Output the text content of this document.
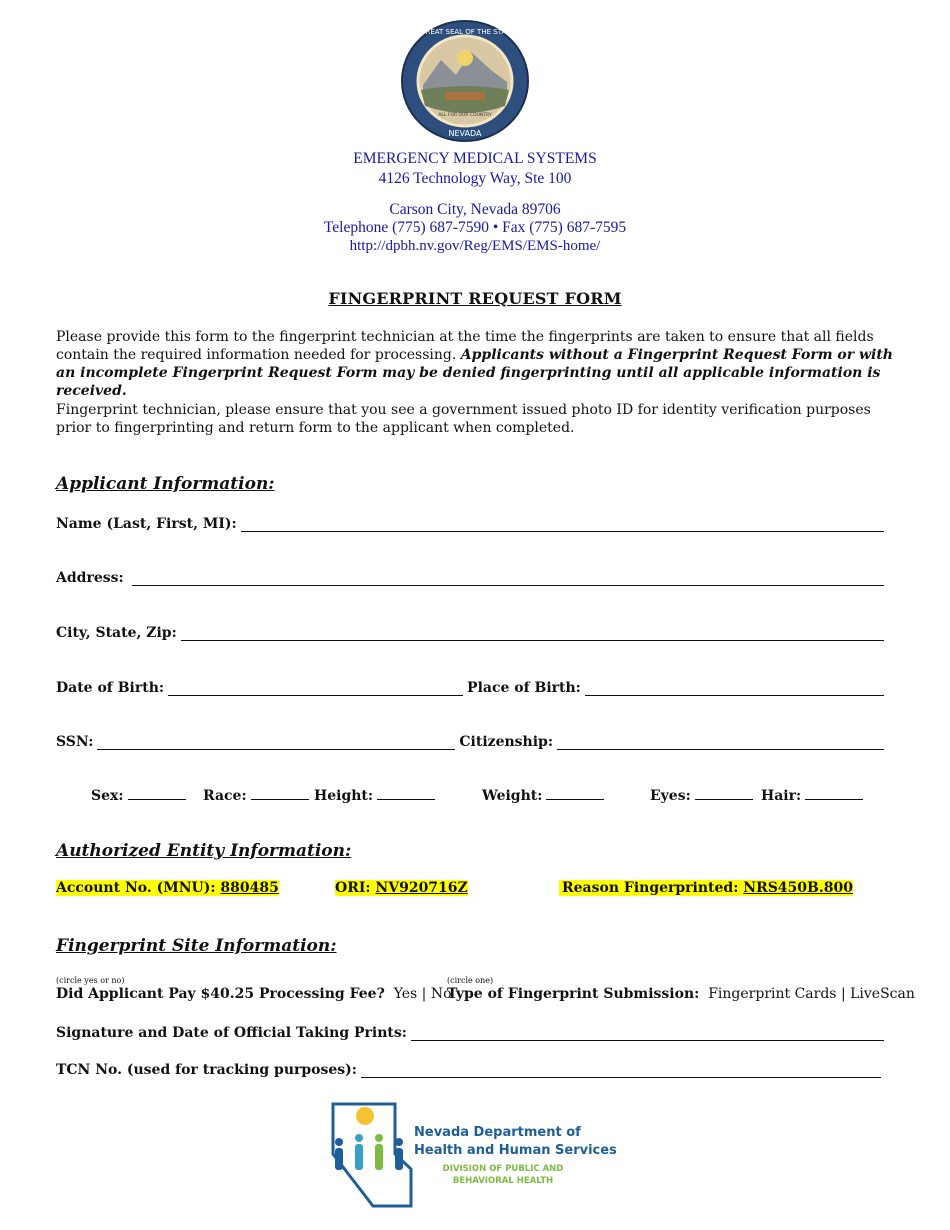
THE GREAT SEAL OF THE STATE OF
NEVADA
ALL FOR OUR COUNTRY
EMERGENCY MEDICAL SYSTEMS
4126 Technology Way, Ste 100
Carson City, Nevada 89706
Telephone (775) 687-7590 • Fax (775) 687-7595
http://dpbh.nv.gov/Reg/EMS/EMS-home/
FINGERPRINT REQUEST FORM
Please provide this form to the fingerprint technician at the time the fingerprints are taken to ensure that all fields contain the required information needed for processing. Applicants without a Fingerprint Request Form or with an incomplete Fingerprint Request Form may be denied fingerprinting until all applicable information is received.
Fingerprint technician, please ensure that you see a government issued photo ID for identity verification purposes prior to fingerprinting and return form to the applicant when completed.
Applicant Information:
Name (Last, First, MI):
Address:
City, State, Zip:
Date of Birth:	Place of Birth:
SSN:	Citizenship:
Sex:	Race:	Height:	Weight:	Eyes:	Hair:
Authorized Entity Information:
Account No. (MNU): 880485	ORI: NV920716Z	Reason Fingerprinted: NRS450B.800
Fingerprint Site Information:
(circle yes or no)
Did Applicant Pay $40.25 Processing Fee? Yes | No
(circle one)
Type of Fingerprint Submission: Fingerprint Cards | LiveScan
Signature and Date of Official Taking Prints:
TCN No. (used for tracking purposes):
Nevada Department of
Health and Human Services
DIVISION OF PUBLIC AND
BEHAVIORAL HEALTH
